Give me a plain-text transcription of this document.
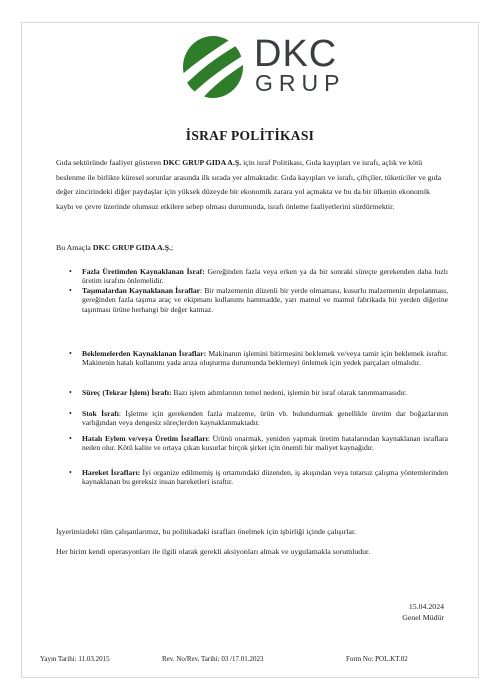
DKC
GRUP
İSRAF POLİTİKASI

Gıda sektöründe faaliyet gösteren DKC GRUP GIDA A.Ş. için israf Politikası, Gıda kayıpları ve israfı, açlık ve kötü beslenme ile birlikte küresel sorunlar arasında ilk sırada yer almaktadır. Gıda kayıpları ve israfı, çiftçiler, tüketiciler ve gıda değer zincirindeki diğer paydaşlar için yüksek düzeyde bir ekonomik zarara yol açmakta ve bu da bir ülkenin ekonomik kaybı ve çevre üzerinde olumsuz etkilere sebep olması durumunda, israfı önleme faaliyetlerini sürdürmektir.

Bu Amaçla DKC GRUP GIDA A.Ş.;

• Fazla Üretimden Kaynaklanan İsraf: Gereğinden fazla veya erken ya da bir sonraki süreçte gerekenden daha hızlı üretim israfını önlemelidir.
• Taşımalardan Kaynaklanan İsraflar: Bir malzemenin düzenli bir yerde olmaması, kusurlu malzemenin depolanması, gereğinden fazla taşıma araç ve ekipmanı kullanımı hammadde, yarı mamul ve mamul fabrikada bir yerden diğerine taşınması ürüne herhangi bir değer katmaz.
• Beklemelerden Kaynaklanan İsraflar: Makinanın işlemini bitirmesini beklemek ve/veya tamir için beklemek israftır. Makinenin hatalı kullanımı yada arıza oluşturma durumunda beklemeyi önlemek için yedek parçaları olmalıdır.
• Süreç (Tekrar İşlem) İsrafı: Bazı işlem adımlarının temel nedeni, işlemin bir israf olarak tanınmamasıdır.
• Stok İsrafı: İşletme için gerekenden fazla malzeme, ürün vb. bulundurmak genellikle üretim dar boğazlarının varlığından veya dengesiz süreçlerden kaynaklanmaktadır.
• Hatalı Eylem ve/veya Üretim İsrafları: Ürünü onarmak, yeniden yapmak üretim hatalarından kaynaklanan israflara neden olur. Kötü kalite ve ortaya çıkan kusurlar birçok şirket için önemli bir maliyet kaynağıdır.
• Hareket İsrafları: İyi organize edilmemiş iş ortamındaki düzenden, iş akışından veya tutarsız çalışma yöntemlerinden kaynaklanan bu gereksiz insan hareketleri israftır.

İşyerimizdeki tüm çalışanlarımız, bu politikadaki israfları önelmek için işbirliği içinde çalışırlar.

Her birim kendi operasyonları ile ilgili olarak gerekli aksiyonları almak ve uygulamakla sorumludur.

15.04.2024
Genel Müdür
Yayın Tarihi: 11.03.2015	Rev. No/Rev. Tarihi: 03 /17.01.2023	Form No: POL.KT.02
